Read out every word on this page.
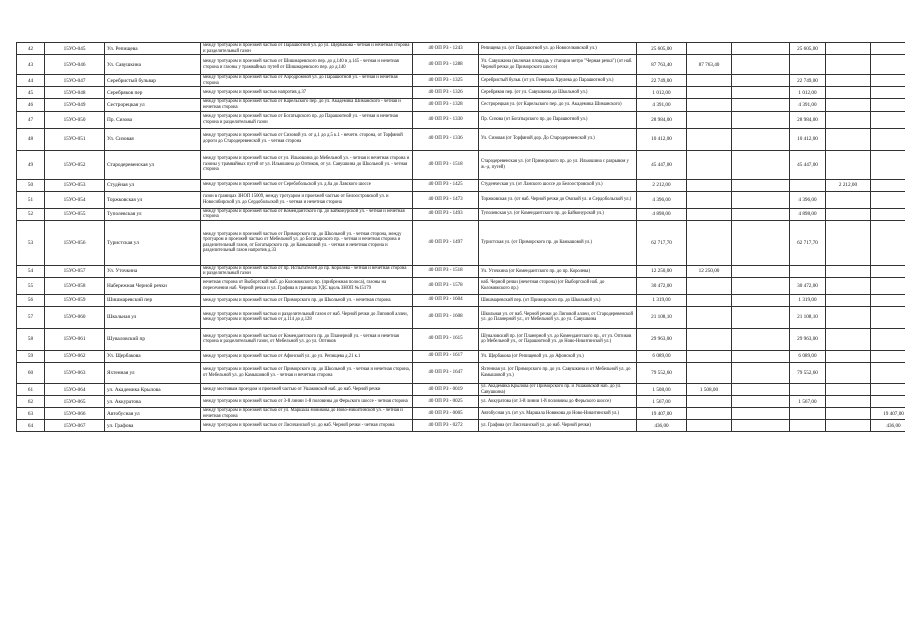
42	15УО-045	Ул. Репищева	между тротуаром и проезжей частью от Парашютной ул. до ул. Щербакова - четная и нечетная сторона и разделительный газон	40 ОП РЗ - 1243	Репищева ул. (от Парашютной ул. до Новоселковской ул.)	25 605,00			25 605,00			
43	15УО-046	Ул. Савушкина	между тротуаром и проезжей частью от Шишмаревского пер. до д.140 и д.145 - четная и нечетная сторона и газоны у трамвайных путей от Шишмаревского пер. до д.140	40 ОП РЗ - 1288	Ул. Савушкина (включая площадь у станции метро "Черная речка") (от наб. Черной речки до Приморского шоссе)	87 763,40	87 763,40					
44	15УО-047	Серебристый бульвар	между тротуаром и проезжей частью от Аэродромной ул. до Парашютной ул. - четная и нечетная сторона	40 ОП РЗ - 1325	Серебристый бульв. (от ул. Генерала Хрулева до Парашютной ул.)	22 749,00			22 749,00			
45	15УО-048	Серебряков пер	между тротуаром и проезжей частью напротив д.37	40 ОП РЗ - 1326	Серебряков пер. (от ул. Савушкина до Школьной ул.)	1 012,00			1 012,00			
46	15УО-049	Сестрорецкая ул	между тротуаром и проезжей частью от Карельского пер. до ул. Академика Шиманского - четная и нечетная сторона	40 ОП РЗ - 1328	Сестрорецкая ул. (от Карельского пер. до ул. Академика Шиманского)	4 391,00			4 391,00			
47	15УО-050	Пр. Сизова	между тротуаром и проезжей частью от Богатырского пр. до Парашютной ул. - четная и нечетная сторона и разделительный газон	40 ОП РЗ - 1330	Пр. Сизова (от Богатырского пр. до Парашютной ул.)	28 984,00			28 984,00			
48	15УО-051	Ул. Сизовая	между тротуаром и проезжей частью от Сизовой ул. от д.1 до д.5 к.1 - нечетн. сторона, от Торфяной дороги до Стародеревенской ул. - четная сторона	40 ОП РЗ - 1336	Ул. Сизовая (от Торфяной дор. До Стародеревенской ул.)	10 412,00			10 412,00			
49	15УО-052	Стародеревенская ул	между тротуаром и проезжей частью от ул. Ильюшина до Мебельной ул. - четная и нечетная сторона и газоны у трамвайных путей от ул. Ильюшина до Оптиков, от ул. Савушкина до Школьной ул. - четная сторона	40 ОП РЗ - 1518	Стародеревенская ул. (от Приморского пр. до ул. Ильюшина с разрывом у ж.-д. путей)	45 447,00			45 447,00			
50	15УО-053	Студёная ул	между тротуаром и проезжей частью от Серебобольской ул. д.6а до Лавского шоссе	40 ОП РЗ - 1425	Студенческая ул. (от Ланского шоссе до Белоостровской ул.)	2 212,00				2 212,00		
51	15УО-054	Торжковская ул	газон в границах ЗНОП 15009, между тротуаром и проезжей частью от Белоостровской ул. и Новосибирской ул. до Сердобольской ул. - четная и нечетная сторона	40 ОП РЗ - 1473	Торжковская ул. (от наб. Черной речки до Омской ул. и Сердобольской ул.)	4 396,00			4 396,00			
52	15УО-055	Туполевская ул	между тротуаром и проезжей частью от Комендантского пр. до Байконурской ул. - четная и нечетная сторона	40 ОП РЗ - 1493	Туполевская ул. (от Комендантского пр. до Байконурской ул.)	4 898,00			4 898,00			
53	15УО-056	Туристская ул	между тротуаром и проезжей частью от Приморского пр. до Школьной ул. - четная сторона, между тротуаром и проезжей частью от Мебельной ул. до Богатырского пр. - четная и нечетная сторона и разделительный газон, от Богатырского пр. до Камышовой ул. - четная и нечетная сторона и разделительный газон напротив д.33	40 ОП РЗ - 1497	Туристская ул. (от Приморского пр. до Камышовой ул.)	62 717,70			62 717,70			
54	15УО-057	Ул. Уточкина	между тротуаром и проезжей частью от пр. Испытателей до пр. Королева - четная и нечетная сторона и разделительный газон	40 ОП РЗ - 1518	Ул. Уточкина (от Комендантского пр. до пр. Королева)	12 250,00	12 250,00					
55	15УО-058	Набережная Черной речки	нечетная сторона от Выборгской наб. до Коломяжского пр. (прибрежная полоса), газоны на пересечении наб. Черной речки и ул. Графова в границах УДС вдоль ЗНОП №15179	40 ОП РЗ - 1578	наб. Черной речки (нечетная сторона) (от Выборгской наб. до Коломяжского пр.)	30 472,00			30 472,00			
56	15УО-059	Шишмаревский пер	между тротуаром и проезжей частью от Приморского пр. до Школьной ул. - нечетная сторона	40 ОП РЗ - 1604	Шишмаревский пер. (от Приморского пр. до Школьной ул.)	1 319,00			1 319,00			
57	15УО-060	Школьная ул	между тротуаром и проезжей частью и разделительный газон от наб. Черной речки до Липовой аллеи, между тротуаром и проезжей частью от д.114 до д.128	40 ОП РЗ - 1608	Школьная ул. от наб. Черной речки до Липовой аллеи, от Стародеревенской ул. до Планерной ул., от Мебельной ул. до ул. Савушкина	21 108,10			21 108,10			
58	15УО-061	Шуваловский пр	между тротуаром и проезжей частью от Комендантского пр. до Планерной ул. - четная и нечетная сторона и разделительный газон, от Мебельной ул. до ул. Оптиков	40 ОП РЗ - 1615	Шуваловский пр. (от Планерной ул. до Комендантского пр., от ул. Оптиков до Мебельной ул., от Парашютной ул. до Ново-Никитинской ул.)	29 963,00			29 963,00			
59	15УО-062	Ул. Щербакова	между тротуаром и проезжей частью от Афонской ул. до ул. Репищева д.21 к.1	40 ОП РЗ - 1617	Ул. Щербакова (от Репищевой ул. до Афонской ул.)	6 089,00			6 089,00			
60	15УО-063	Яхтенная ул	между тротуаром и проезжей частью от Приморского пр. до Школьной ул. - четная и нечетная сторона, от Мебельной ул. до Камышовой ул. - четная и нечетная сторона	40 ОП РЗ - 1647	Яхтенная ул. (от Приморского пр. до ул. Савушкина и от Мебельной ул. до Камышовой ул.)	79 552,60			79 552,60			
61	15УО-064	ул. Академика Крылова	между мостовым проездом и проезжей частью от Ушаковской наб. до наб. Черной речки	40 ОП РЗ - 0019	ул. Академика Крылова (от Приморского пр. и Ушаковской наб. до ул. Савушкина)	1 508,00	1 508,00					
62	15УО-065	ул. Аккуратова	между тротуаром и проезжей частью от 3-й линии 1-й половины до Ферьского шоссе - четная сторона	40 ОП РЗ - 0025	ул. Аккуратова (от 3-й линии 1-й половины до Ферьского шоссе)	1 567,00			1 567,00			
63	15УО-066	Автобусная ул	между тротуаром и проезжей частью от ул. Маршала Новикова до Ново-Никитинской ул. - четная и нечетная сторона	40 ОП РЗ - 0005	Автобусная ул. (от ул. Маршала Новикова до Ново-Никитинской ул.)	19 407,00					19 407,00	
64	15УО-067	ул. Графова	между тротуаром и проезжей частью от Лисичанской ул. до наб. Черной речки - четная сторона	40 ОП РЗ - 0272	ул. Графова (от Лисичанской ул. до наб. Черной речки)	436,00					436,00	
